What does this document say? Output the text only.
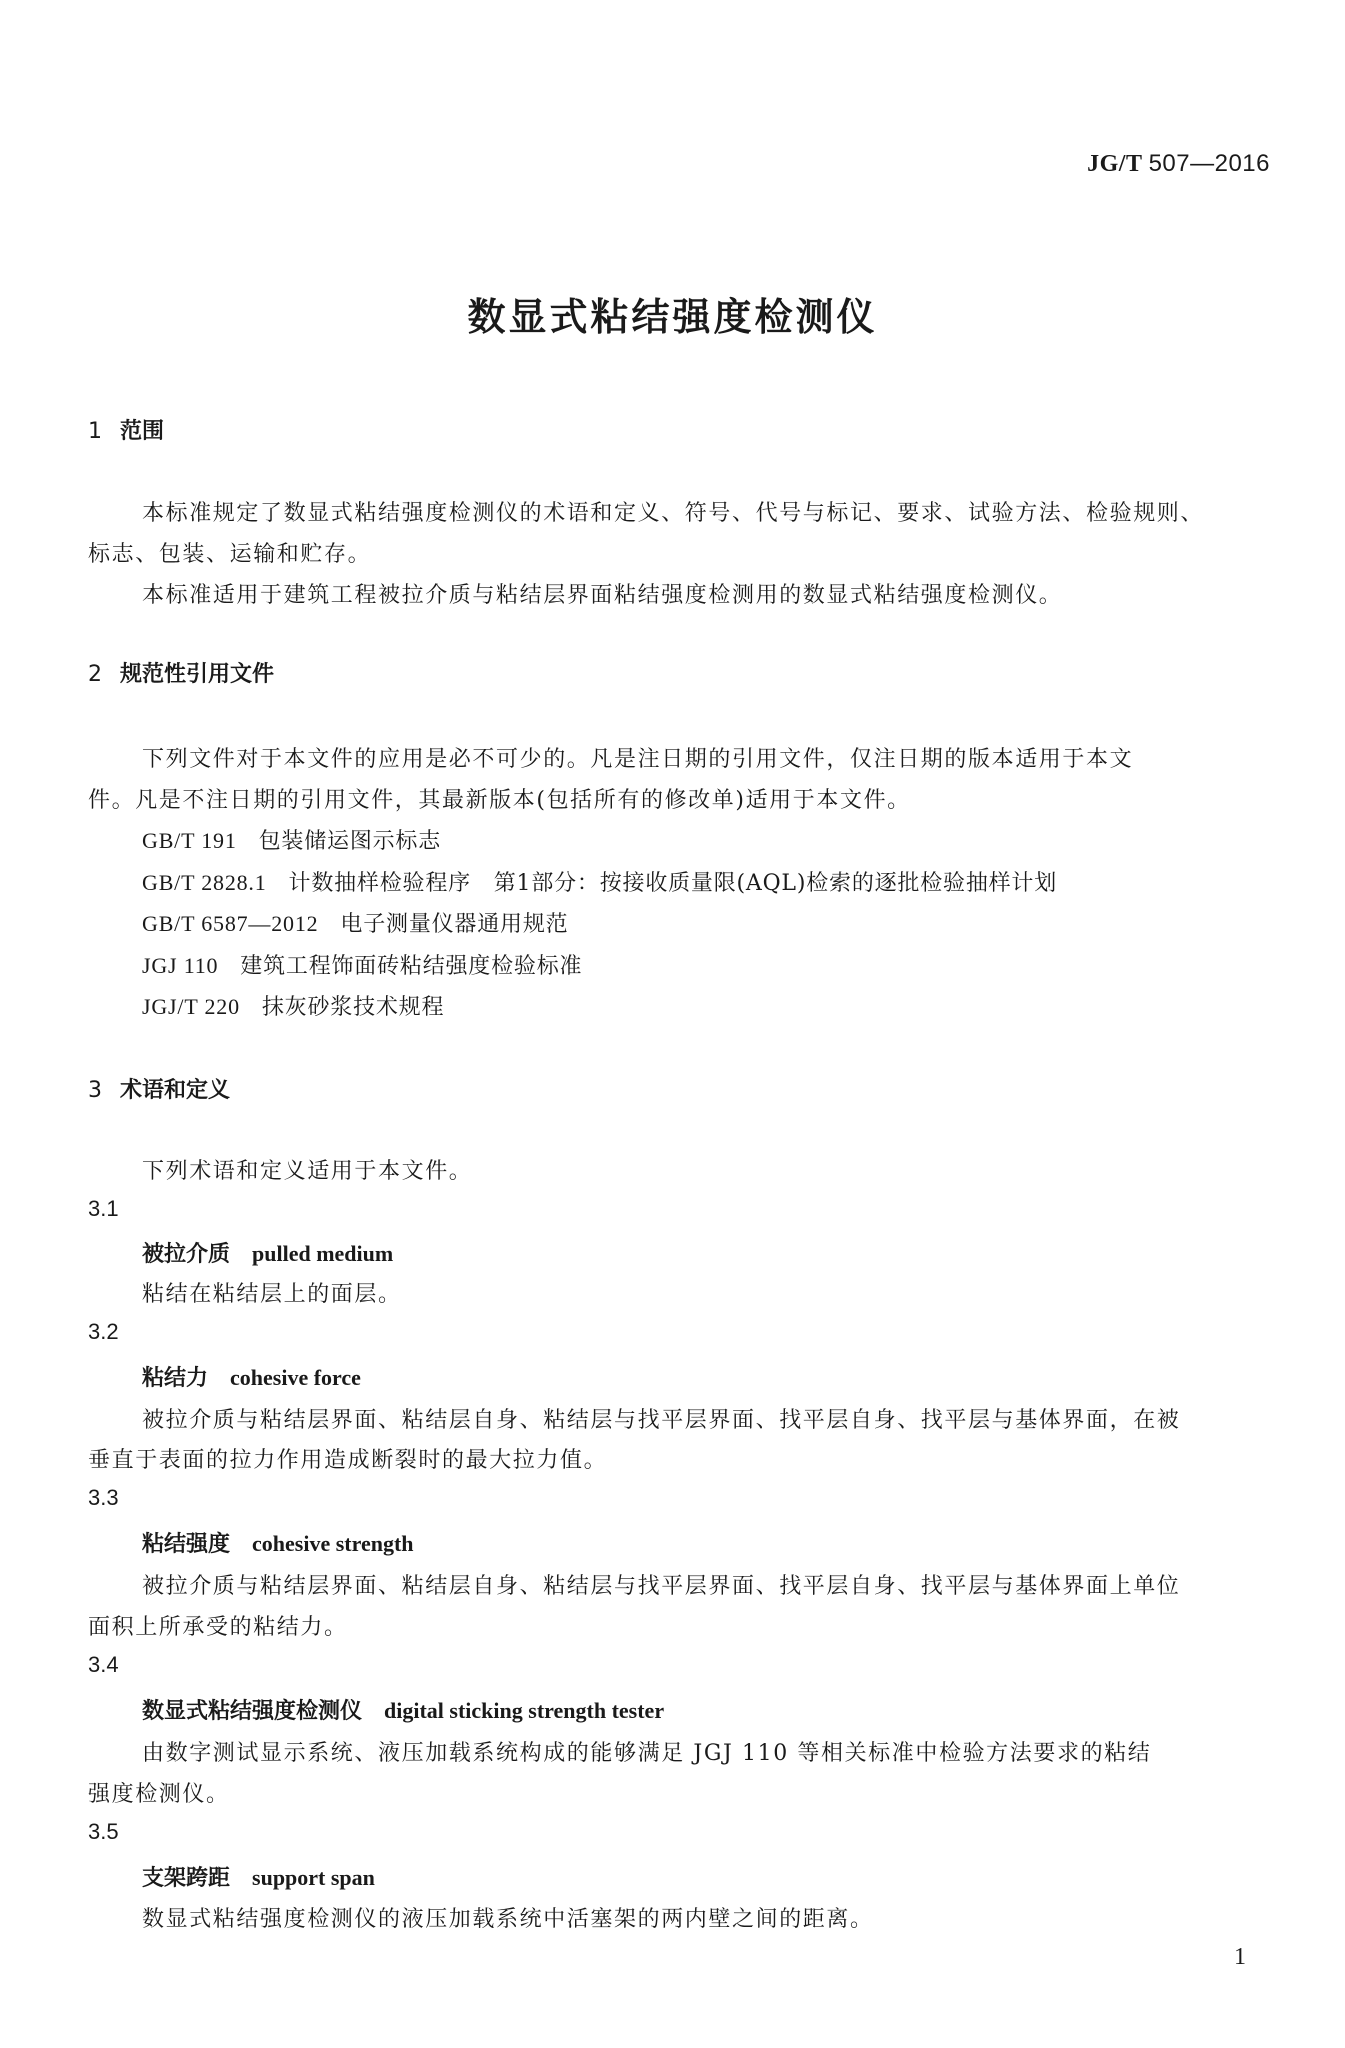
JG/T 507—2016
数显式粘结强度检测仪
1 范围
本标准规定了数显式粘结强度检测仪的术语和定义、符号、代号与标记、要求、试验方法、检验规则、
标志、包装、运输和贮存。
本标准适用于建筑工程被拉介质与粘结层界面粘结强度检测用的数显式粘结强度检测仪。
2 规范性引用文件
下列文件对于本文件的应用是必不可少的。凡是注日期的引用文件，仅注日期的版本适用于本文
件。凡是不注日期的引用文件，其最新版本(包括所有的修改单)适用于本文件。
GB/T 191 包装储运图示标志
GB/T 2828.1 计数抽样检验程序　第1部分：按接收质量限(AQL)检索的逐批检验抽样计划
GB/T 6587—2012 电子测量仪器通用规范
JGJ 110 建筑工程饰面砖粘结强度检验标准
JGJ/T 220 抹灰砂浆技术规程
3 术语和定义
下列术语和定义适用于本文件。
3.1
被拉介质 pulled medium
粘结在粘结层上的面层。
3.2
粘结力 cohesive force
被拉介质与粘结层界面、粘结层自身、粘结层与找平层界面、找平层自身、找平层与基体界面，在被
垂直于表面的拉力作用造成断裂时的最大拉力值。
3.3
粘结强度 cohesive strength
被拉介质与粘结层界面、粘结层自身、粘结层与找平层界面、找平层自身、找平层与基体界面上单位
面积上所承受的粘结力。
3.4
数显式粘结强度检测仪 digital sticking strength tester
由数字测试显示系统、液压加载系统构成的能够满足 JGJ 110 等相关标准中检验方法要求的粘结
强度检测仪。
3.5
支架跨距 support span
数显式粘结强度检测仪的液压加载系统中活塞架的两内壁之间的距离。
1
